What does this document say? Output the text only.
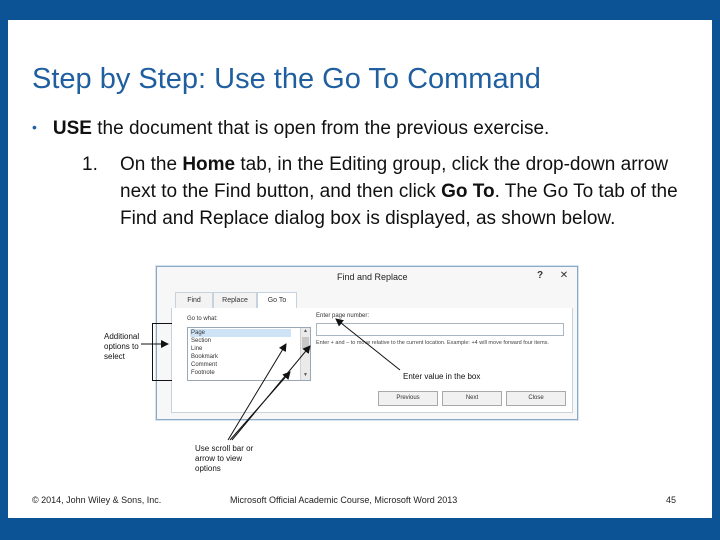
Step by Step: Use the Go To Command
• USE the document that is open from the previous exercise.
1.	On the Home tab, in the Editing group, click the drop-down arrow next to the Find button, and then click Go To. The Go To tab of the Find and Replace dialog box is displayed, as shown below.
Find and Replace	? ✕
Find	Replace	Go To
Go to what:
Page
Section
Line
Bookmark
Comment
Footnote
▲
▼
Enter page number:
Enter + and – to move relative to the current location. Example: +4 will move forward four items.
Previous	Next	Close
Additional options to select
Enter value in the box
Use scroll bar or arrow to view options
© 2014, John Wiley & Sons, Inc.	Microsoft Official Academic Course, Microsoft Word 2013	45
